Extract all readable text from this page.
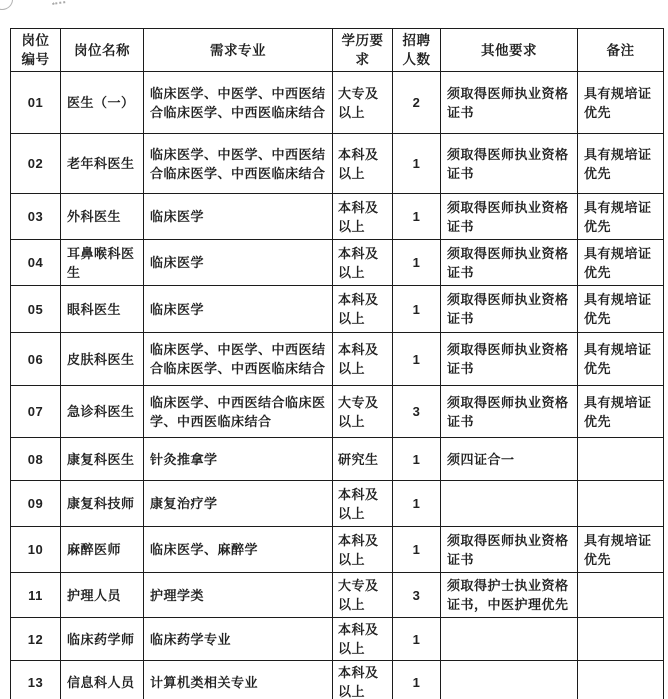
岗位编号	岗位名称	需求专业	学历要求	招聘人数	其他要求	备注
01	医生（一）	临床医学、中医学、中西医结合临床医学、中西医临床结合	大专及以上	2	须取得医师执业资格证书	具有规培证优先
02	老年科医生	临床医学、中医学、中西医结合临床医学、中西医临床结合	本科及以上	1	须取得医师执业资格证书	具有规培证优先
03	外科医生	临床医学	本科及以上	1	须取得医师执业资格证书	具有规培证优先
04	耳鼻喉科医生	临床医学	本科及以上	1	须取得医师执业资格证书	具有规培证优先
05	眼科医生	临床医学	本科及以上	1	须取得医师执业资格证书	具有规培证优先
06	皮肤科医生	临床医学、中医学、中西医结合临床医学、中西医临床结合	本科及以上	1	须取得医师执业资格证书	具有规培证优先
07	急诊科医生	临床医学、中西医结合临床医学、中西医临床结合	大专及以上	3	须取得医师执业资格证书	具有规培证优先
08	康复科医生	针灸推拿学	研究生	1	须四证合一	
09	康复科技师	康复治疗学	本科及以上	1		
10	麻醉医师	临床医学、麻醉学	本科及以上	1	须取得医师执业资格证书	具有规培证优先
11	护理人员	护理学类	大专及以上	3	须取得护士执业资格证书，中医护理优先	
12	临床药学师	临床药学专业	本科及以上	1		
13	信息科人员	计算机类相关专业	本科及以上	1		
